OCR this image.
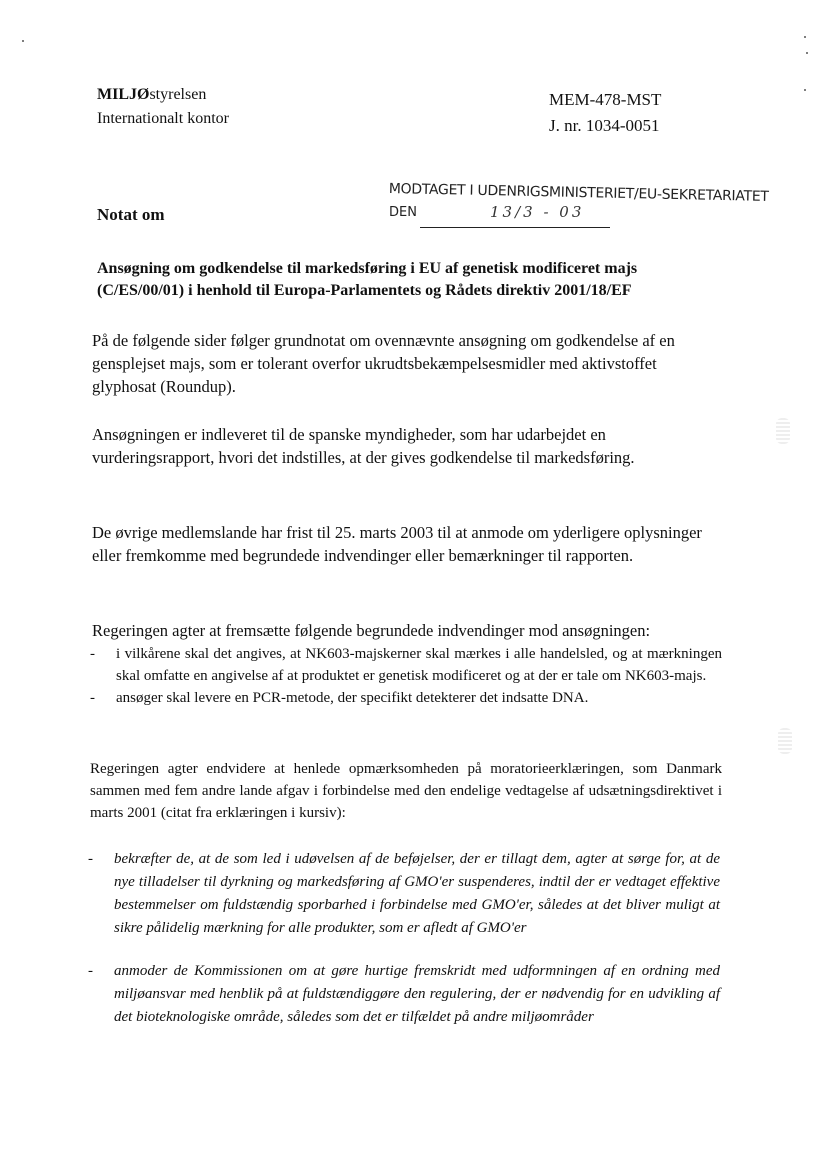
MILJØstyrelsen
Internationalt kontor
MEM-478-MST
J. nr. 1034-0051
MODTAGET I UDENRIGSMINISTERIET/EU-SEKRETARIATET
DEN	13/3 - 03
Notat om
Ansøgning om godkendelse til markedsføring i EU af genetisk modificeret majs
(C/ES/00/01) i henhold til Europa-Parlamentets og Rådets direktiv 2001/18/EF
På de følgende sider følger grundnotat om ovennævnte ansøgning om godkendelse af en gensplejset majs, som er tolerant overfor ukrudtsbekæmpelsesmidler med aktivstoffet glyphosat (Roundup).
Ansøgningen er indleveret til de spanske myndigheder, som har udarbejdet en vurderingsrapport, hvori det indstilles, at der gives godkendelse til markedsføring.
De øvrige medlemslande har frist til 25. marts 2003 til at anmode om yderligere oplysninger eller fremkomme med begrundede indvendinger eller bemærkninger til rapporten.
Regeringen agter at fremsætte følgende begrundede indvendinger mod ansøgningen:
- i vilkårene skal det angives, at NK603-majskerner skal mærkes i alle handelsled, og at mærkningen skal omfatte en angivelse af at produktet er genetisk modificeret og at der er tale om NK603-majs.
- ansøger skal levere en PCR-metode, der specifikt detekterer det indsatte DNA.
Regeringen agter endvidere at henlede opmærksomheden på moratorieerklæringen, som Danmark sammen med fem andre lande afgav i forbindelse med den endelige vedtagelse af udsætningsdirektivet i marts 2001 (citat fra erklæringen i kursiv):
- bekræfter de, at de som led i udøvelsen af de beføjelser, der er tillagt dem, agter at sørge for, at de nye tilladelser til dyrkning og markedsføring af GMO'er suspenderes, indtil der er vedtaget effektive bestemmelser om fuldstændig sporbarhed i forbindelse med GMO'er, således at det bliver muligt at sikre pålidelig mærkning for alle produkter, som er afledt af GMO'er
- anmoder de Kommissionen om at gøre hurtige fremskridt med udformningen af en ordning med miljøansvar med henblik på at fuldstændiggøre den regulering, der er nødvendig for en udvikling af det bioteknologiske område, således som det er tilfældet på andre miljøområder
